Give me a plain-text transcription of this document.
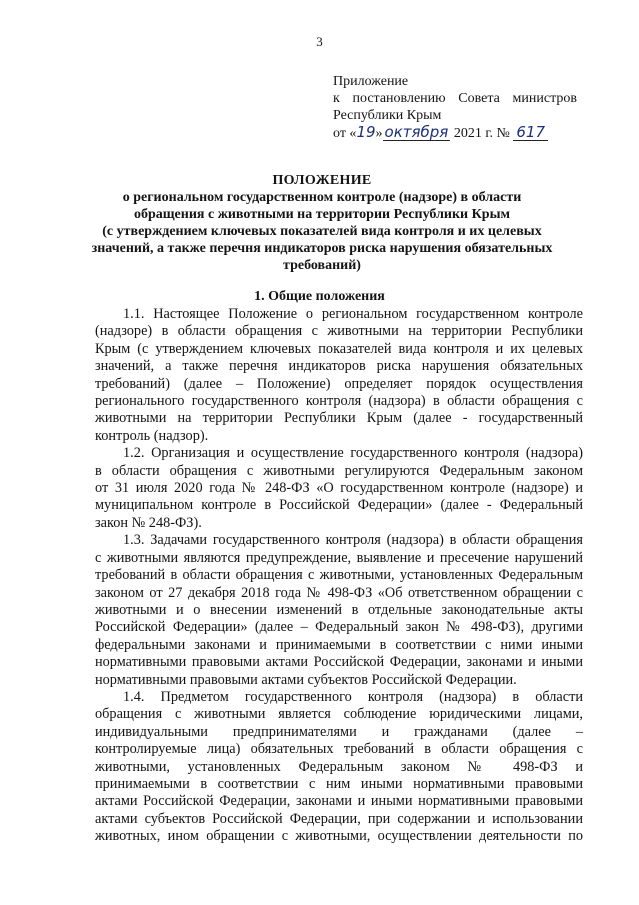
3
Приложение
к постановлению Совета министров
Республики Крым
от «19» октября 2021 г. № 617
ПОЛОЖЕНИЕ
о региональном государственном контроле (надзоре) в области
обращения с животными на территории Республики Крым
(с утверждением ключевых показателей вида контроля и их целевых
значений, а также перечня индикаторов риска нарушения обязательных
требований)
1. Общие положения
1.1. Настоящее Положение о региональном государственном контроле
(надзоре) в области обращения с животными на территории Республики
Крым (с утверждением ключевых показателей вида контроля и их целевых
значений, а также перечня индикаторов риска нарушения обязательных
требований) (далее – Положение) определяет порядок осуществления
регионального государственного контроля (надзора) в области обращения с
животными на территории Республики Крым (далее - государственный
контроль (надзор).
1.2. Организация и осуществление государственного контроля (надзора)
в области обращения с животными регулируются Федеральным законом
от 31 июля 2020 года № 248-ФЗ «О государственном контроле (надзоре) и
муниципальном контроле в Российской Федерации» (далее - Федеральный
закон № 248-ФЗ).
1.3. Задачами государственного контроля (надзора) в области обращения
с животными являются предупреждение, выявление и пресечение нарушений
требований в области обращения с животными, установленных Федеральным
законом от 27 декабря 2018 года № 498-ФЗ «Об ответственном обращении с
животными и о внесении изменений в отдельные законодательные акты
Российской Федерации» (далее – Федеральный закон № 498-ФЗ), другими
федеральными законами и принимаемыми в соответствии с ними иными
нормативными правовыми актами Российской Федерации, законами и иными
нормативными правовыми актами субъектов Российской Федерации.
1.4. Предметом государственного контроля (надзора) в области
обращения с животными является соблюдение юридическими лицами,
индивидуальными предпринимателями и гражданами (далее –
контролируемые лица) обязательных требований в области обращения с
животными, установленных Федеральным законом № 498-ФЗ и
принимаемыми в соответствии с ним иными нормативными правовыми
актами Российской Федерации, законами и иными нормативными правовыми
актами субъектов Российской Федерации, при содержании и использовании
животных, ином обращении с животными, осуществлении деятельности по
